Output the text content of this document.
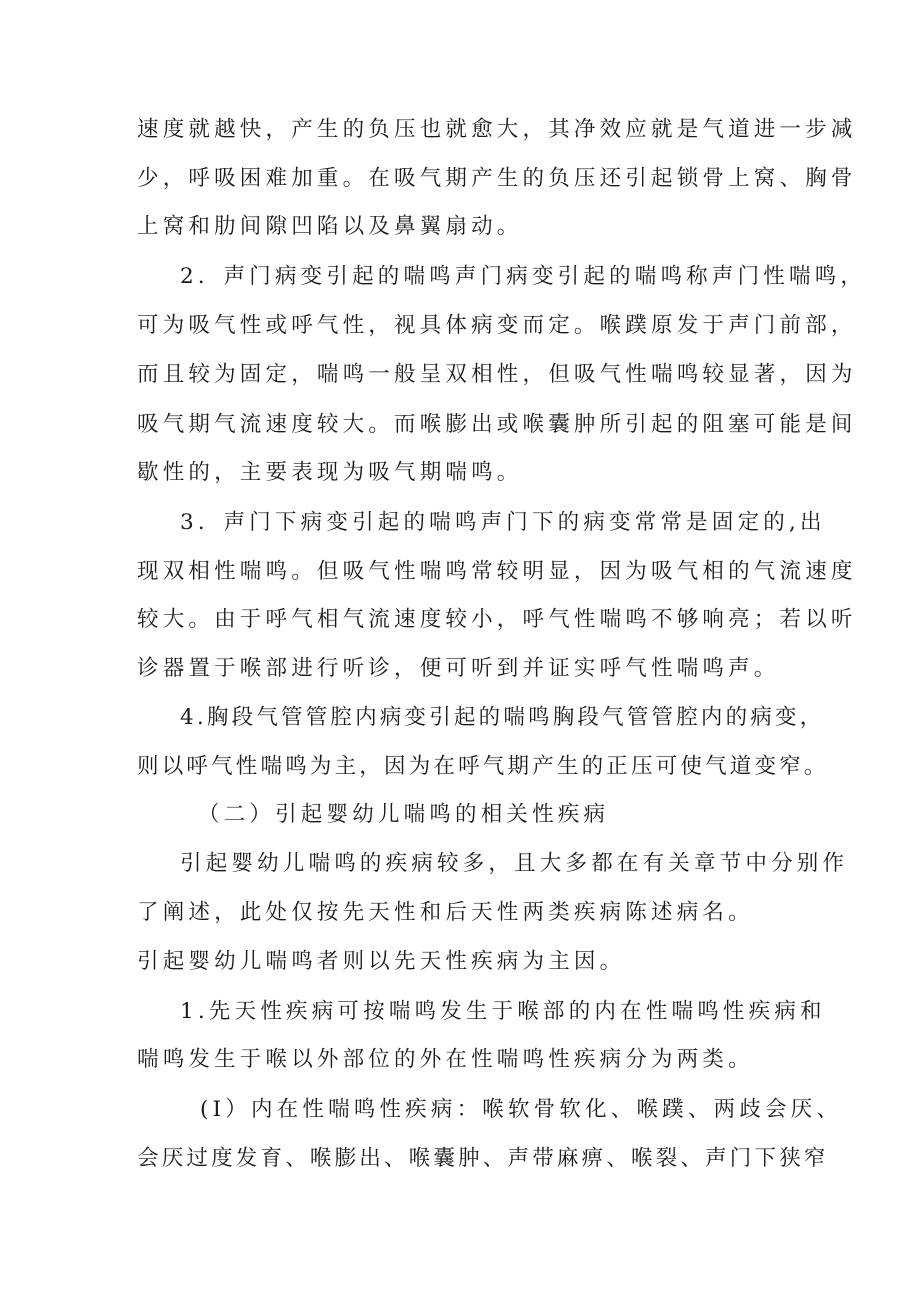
速度就越快，产生的负压也就愈大，其净效应就是气道进一步减
少，呼吸困难加重。在吸气期产生的负压还引起锁骨上窝、胸骨
上窝和肋间隙凹陷以及鼻翼扇动。
2．声门病变引起的喘鸣声门病变引起的喘鸣称声门性喘鸣，
可为吸气性或呼气性，视具体病变而定。喉蹼原发于声门前部，
而且较为固定，喘鸣一般呈双相性，但吸气性喘鸣较显著，因为
吸气期气流速度较大。而喉膨出或喉囊肿所引起的阻塞可能是间
歇性的，主要表现为吸气期喘鸣。
3．声门下病变引起的喘鸣声门下的病变常常是固定的,出
现双相性喘鸣。但吸气性喘鸣常较明显，因为吸气相的气流速度
较大。由于呼气相气流速度较小，呼气性喘鸣不够响亮；若以听
诊器置于喉部进行听诊，便可听到并证实呼气性喘鸣声。
4.胸段气管管腔内病变引起的喘鸣胸段气管管腔内的病变，
则以呼气性喘鸣为主，因为在呼气期产生的正压可使气道变窄。
（二）引起婴幼儿喘鸣的相关性疾病
引起婴幼儿喘鸣的疾病较多，且大多都在有关章节中分别作
了阐述，此处仅按先天性和后天性两类疾病陈述病名。
引起婴幼儿喘鸣者则以先天性疾病为主因。
1.先天性疾病可按喘鸣发生于喉部的内在性喘鸣性疾病和
喘鸣发生于喉以外部位的外在性喘鸣性疾病分为两类。
(I）内在性喘鸣性疾病：喉软骨软化、喉蹼、两歧会厌、
会厌过度发育、喉膨出、喉囊肿、声带麻痹、喉裂、声门下狭窄
